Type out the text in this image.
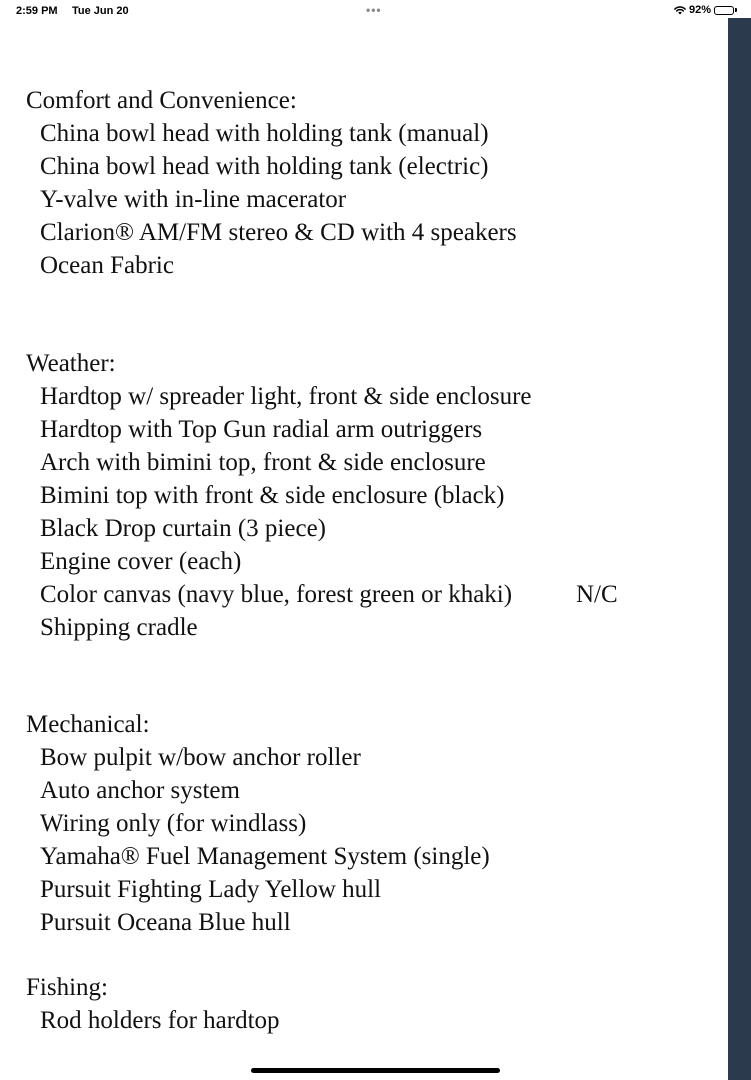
2:59 PM Tue Jun 20	•••	92%
Comfort and Convenience:
China bowl head with holding tank (manual)
China bowl head with holding tank (electric)
Y-valve with in-line macerator
Clarion® AM/FM stereo & CD with 4 speakers
Ocean Fabric
Weather:
Hardtop w/ spreader light, front & side enclosure
Hardtop with Top Gun radial arm outriggers
Arch with bimini top, front & side enclosure
Bimini top with front & side enclosure (black)
Black Drop curtain (3 piece)
Engine cover (each)
Color canvas (navy blue, forest green or khaki)	N/C
Shipping cradle
Mechanical:
Bow pulpit w/bow anchor roller
Auto anchor system
Wiring only (for windlass)
Yamaha® Fuel Management System (single)
Pursuit Fighting Lady Yellow hull
Pursuit Oceana Blue hull
Fishing:
Rod holders for hardtop
